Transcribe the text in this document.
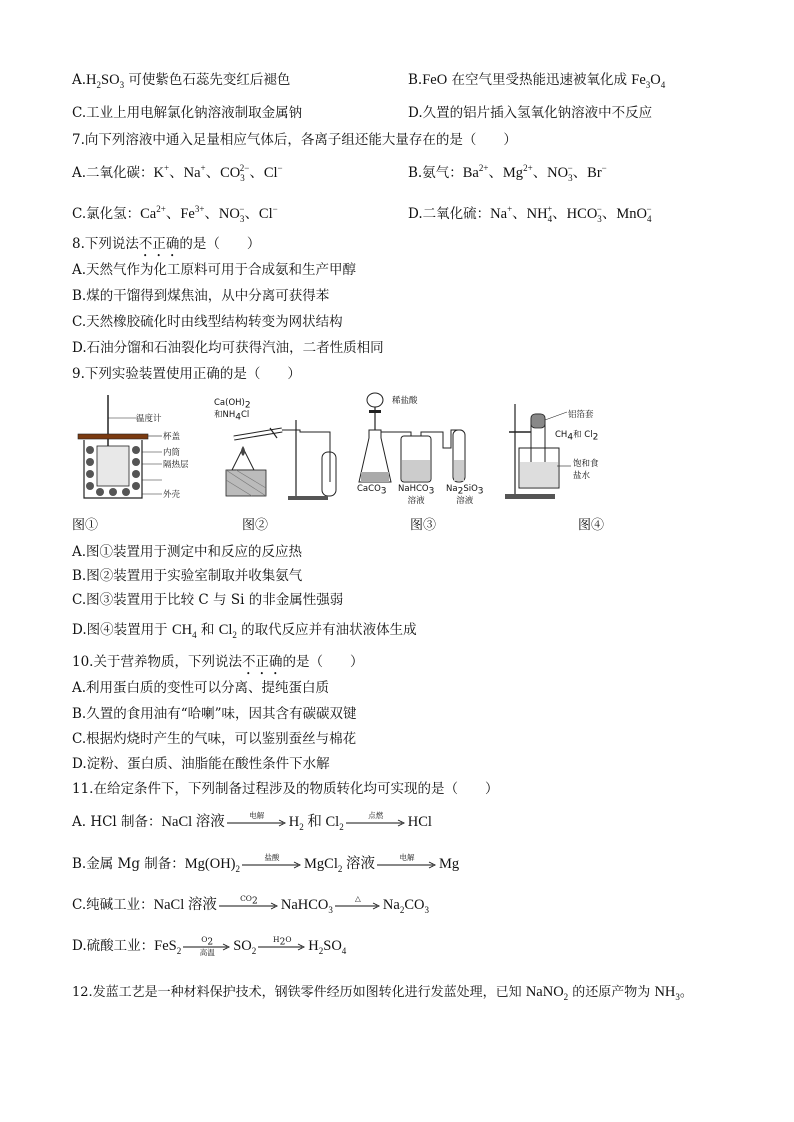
$A.H_2SO_3$ 可使紫色石蕊先变红后褪色	B.FeO 在空气里受热能迅速被氧化成 $Fe_3O_4$
C.工业上用电解氯化钠溶液制取金属钠	D.久置的铝片插入氢氧化钠溶液中不反应
7.向下列溶液中通入足量相应气体后，各离子组还能大量存在的是（　　）
A.二氧化碳：K+、Na+、$CO_3^{2-}$、Cl−	B.氨气：$Ba^{2+}$、$Mg^{2+}$、$NO_3^-$、Br−
C.氯化氢：$Ca^{2+}$、$Fe^{3+}$、$NO_3^-$、Cl−	D.二氧化硫：Na+、$NH_4^+$、$HCO_3^-$、MnO$_4$−
8.下列说法不正确的是（　　）
A.天然气作为化工原料可用于合成氨和生产甲醇
B.煤的干馏得到煤焦油，从中分离可获得苯
C.天然橡胶硫化时由线型结构转变为网状结构
D.石油分馏和石油裂化均可获得汽油，二者性质相同
9.下列实验装置使用正确的是（　　）
温度计
杯盖
内筒
隔热层
外壳
$Ca(OH)_2$
和$NH_4Cl$
稀盐酸
CaCO$_3$ NaHCO$_3$
溶液
$Na_2SiO_3$
溶液
铝箔套
$CH_4$和 $Cl_2$
饱和食
盐水
图①	图②	图③	图④
A.图①装置用于测定中和反应的反应热
B.图②装置用于实验室制取并收集氨气
C.图③装置用于比较 C 与 Si 的非金属性强弱
D.图④装置用于 $CH_4$ 和 $Cl_2$ 的取代反应并有油状液体生成
10.关于营养物质，下列说法不正确的是（　　）
A.利用蛋白质的变性可以分离、提纯蛋白质
B.久置的食用油有“哈喇”味，因其含有碳碳双键
C.根据灼烧时产生的气味，可以鉴别蚕丝与棉花
D.淀粉、蛋白质、油脂能在酸性条件下水解
11.在给定条件下，下列制备过程涉及的物质转化均可实现的是（　　）
A. HCl 制备：NaCl 溶液	电解	$H_2$ 和 $Cl_2$
点燃	HCl
B.金属 Mg 制备：$Mg(OH)_2$
盐酸	MgCl$_2$ 溶液	电解	Mg
C.纯碱工业：NaCl 溶液	$CO_2$	NaHCO$_3$
△	$Na_2CO_3$
D.硫酸工业：FeS$_2$
$O_2$
高温	$SO_2$
$H_2O$	$H_2SO_4$
12.发蓝工艺是一种材料保护技术，钢铁零件经历如图转化进行发蓝处理，已知 NaNO$_2$ 的还原产物为 $NH_3$。
